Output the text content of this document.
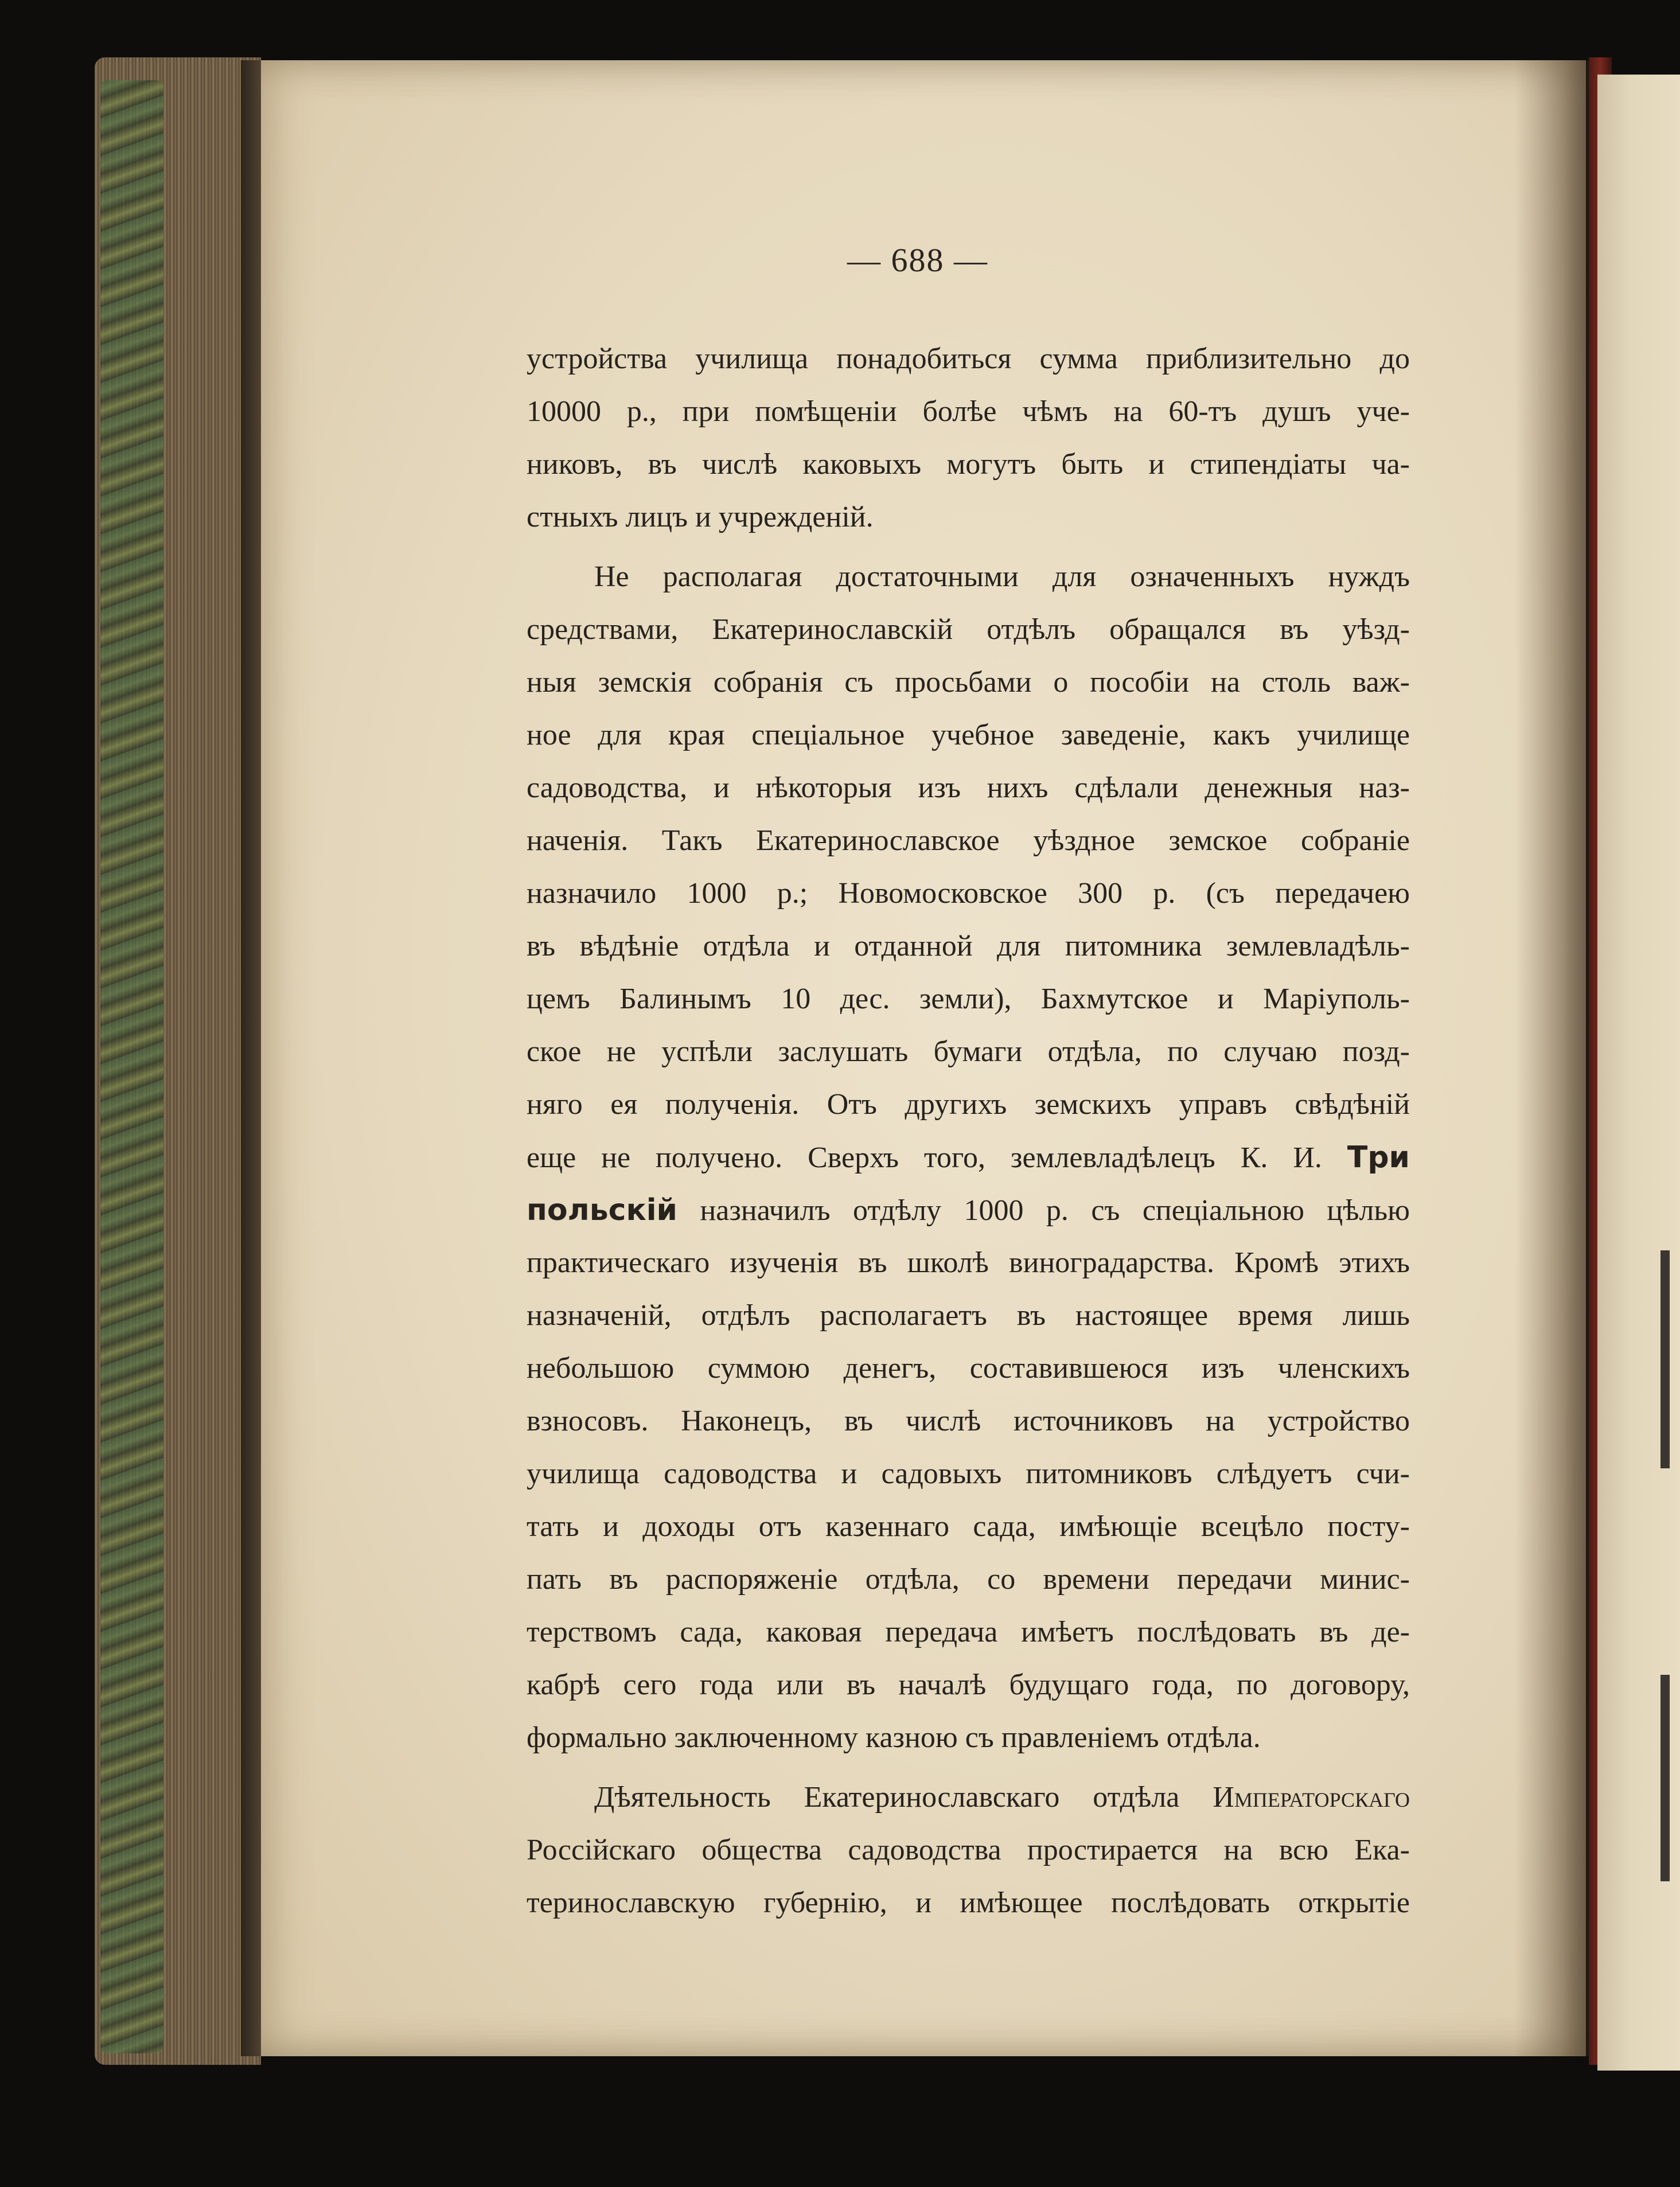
— 688 —
устройства училища понадобиться сумма приблизительно до
10000 р., при помѣщеніи болѣе чѣмъ на 60-тъ душъ уче-
никовъ, въ числѣ каковыхъ могутъ быть и стипендіаты ча-
стныхъ лицъ и учрежденій.
Не располагая достаточными для означенныхъ нуждъ
средствами, Екатеринославскій отдѣлъ обращался въ уѣзд-
ныя земскія собранія съ просьбами о пособіи на столь важ-
ное для края спеціальное учебное заведеніе, какъ училище
садоводства, и нѣкоторыя изъ нихъ сдѣлали денежныя наз-
наченія. Такъ Екатеринославское уѣздное земское собраніе
назначило 1000 р.; Новомосковское 300 р. (съ передачею
въ вѣдѣніе отдѣла и отданной для питомника землевладѣль-
цемъ Балинымъ 10 дес. земли), Бахмутское и Маріуполь-
ское не успѣли заслушать бумаги отдѣла, по случаю позд-
няго ея полученія. Отъ другихъ земскихъ управъ свѣдѣній
еще не получено. Сверхъ того, землевладѣлецъ К. И. Три
польскій назначилъ отдѣлу 1000 р. съ спеціальною цѣлью
практическаго изученія въ школѣ виноградарства. Кромѣ этихъ
назначеній, отдѣлъ располагаетъ въ настоящее время лишь
небольшою суммою денегъ, составившеюся изъ членскихъ
взносовъ. Наконецъ, въ числѣ источниковъ на устройство
училища садоводства и садовыхъ питомниковъ слѣдуетъ счи-
тать и доходы отъ казеннаго сада, имѣющіе всецѣло посту-
пать въ распоряженіе отдѣла, со времени передачи минис-
терствомъ сада, каковая передача имѣетъ послѣдовать въ де-
кабрѣ сего года или въ началѣ будущаго года, по договору,
формально заключенному казною съ правленіемъ отдѣла.
Дѣятельность Екатеринославскаго отдѣла Императорскаго
Россійскаго общества садоводства простирается на всю Ека-
теринославскую губернію, и имѣющее послѣдовать открытіе
